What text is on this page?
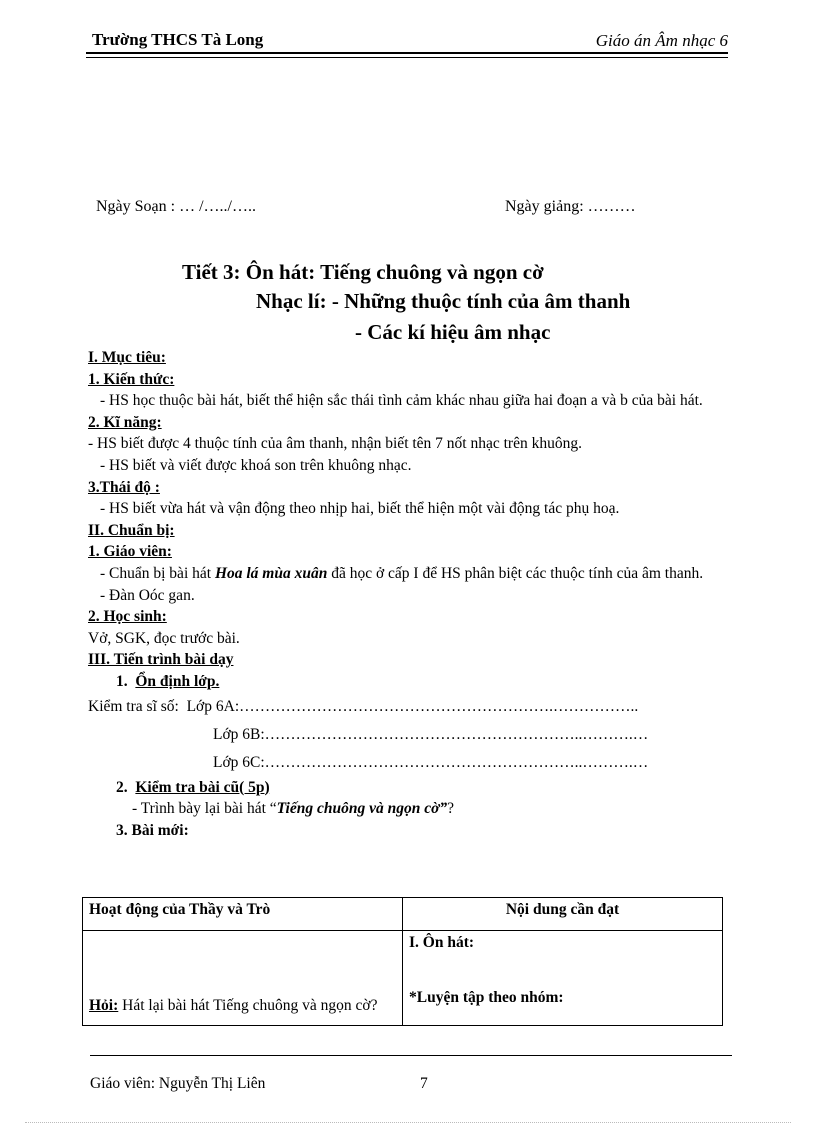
Trường THCS Tà Long	Giáo án Âm nhạc 6
Ngày Soạn : … /…../…..	Ngày giảng: ………
Tiết 3: Ôn hát: Tiếng chuông và ngọn cờ
Nhạc lí: - Những thuộc tính của âm thanh
- Các kí hiệu âm nhạc

I. Mục tiêu:

1. Kiến thức:

- HS học thuộc bài hát, biết thể hiện sắc thái tình cảm khác nhau giữa hai đoạn a và b của bài hát.

2. Kĩ năng:

- HS biết được 4 thuộc tính của âm thanh, nhận biết tên 7 nốt nhạc trên khuông.

- HS biết và viết được khoá son trên khuông nhạc.

3.Thái độ :

- HS biết vừa hát và vận động theo nhịp hai, biết thể hiện một vài động tác phụ hoạ.

II. Chuẩn bị:

1. Giáo viên:

- Chuẩn bị bài hát Hoa lá mùa xuân đã học ở cấp I để HS phân biệt các thuộc tính của âm thanh.

- Đàn Oóc gan.

2. Học sinh:

Vở, SGK, đọc trước bài.

III. Tiến trình bài dạy

1. Ổn định lớp.

Kiểm tra sĩ số: Lớp 6A:…………………………………………………….……………..

Lớp 6B:……………………………………………………..……….…

Lớp 6C:……………………………………………………..……….…

2. Kiểm tra bài cũ( 5p)

- Trình bày lại bài hát “Tiếng chuông và ngọn cờ”?

3. Bài mới:

Hoạt động của Thầy và Trò	Nội dung cần đạt
Hỏi: Hát lại bài hát Tiếng chuông và ngọn cờ?	I. Ôn hát:
*Luyện tập theo nhóm:
Giáo viên: Nguyễn Thị Liên	7
